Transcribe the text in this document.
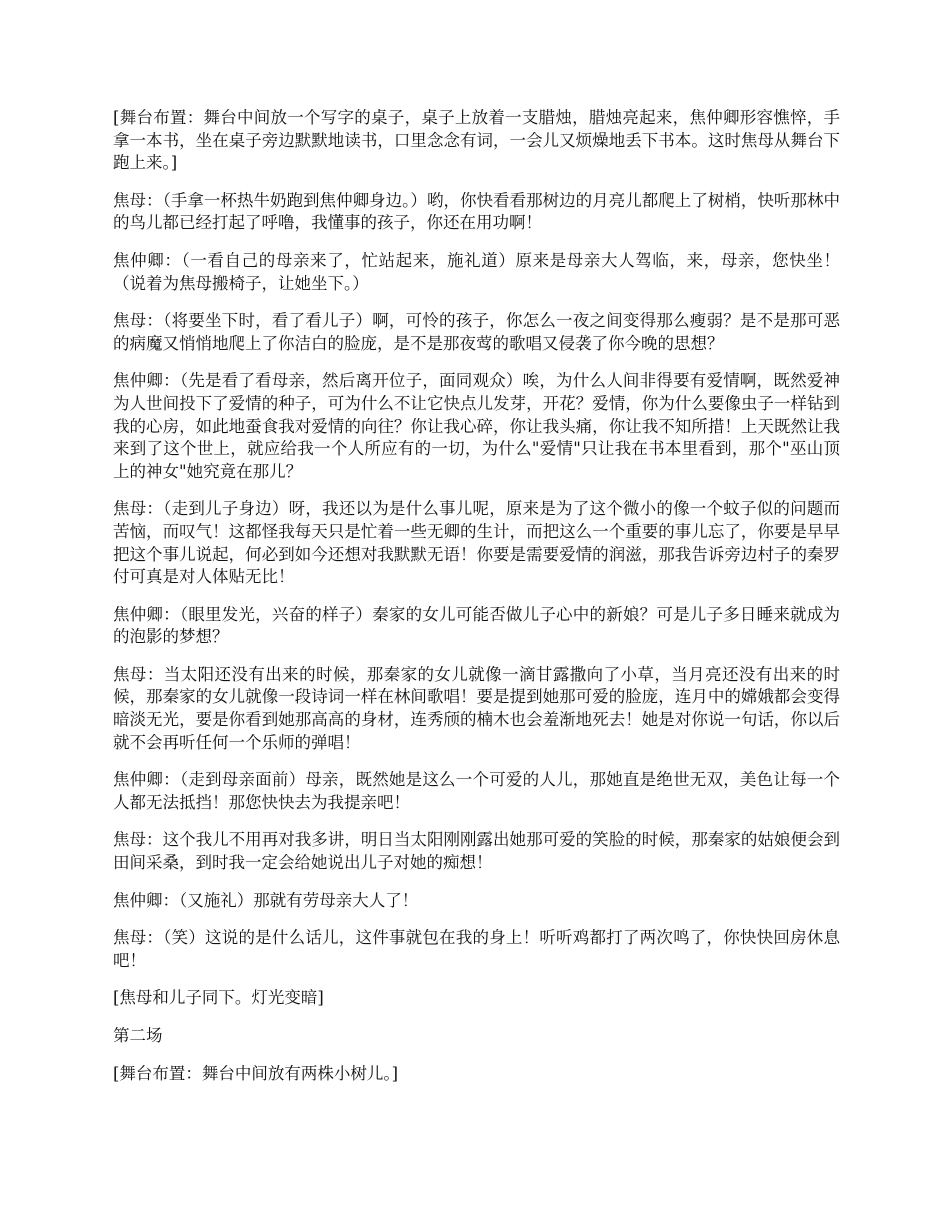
[舞台布置：舞台中间放一个写字的桌子，桌子上放着一支腊烛，腊烛亮起来，焦仲卿形容憔悴，手拿一本书，坐在桌子旁边默默地读书，口里念念有词，一会儿又烦燥地丢下书本。这时焦母从舞台下跑上来。]

焦母：（手拿一杯热牛奶跑到焦仲卿身边。）哟，你快看看那树边的月亮儿都爬上了树梢，快听那林中的鸟儿都已经打起了呼噜，我懂事的孩子，你还在用功啊！

焦仲卿：（一看自己的母亲来了，忙站起来，施礼道）原来是母亲大人驾临，来，母亲，您快坐！（说着为焦母搬椅子，让她坐下。）

焦母：（将要坐下时，看了看儿子）啊，可怜的孩子，你怎么一夜之间变得那么瘦弱？是不是那可恶的病魔又悄悄地爬上了你洁白的脸庞，是不是那夜莺的歌唱又侵袭了你今晚的思想？

焦仲卿：（先是看了看母亲，然后离开位子，面同观众）唉，为什么人间非得要有爱情啊，既然爱神为人世间投下了爱情的种子，可为什么不让它快点儿发芽，开花？爱情，你为什么要像虫子一样钻到我的心房，如此地蚕食我对爱情的向往？你让我心碎，你让我头痛，你让我不知所措！上天既然让我来到了这个世上，就应给我一个人所应有的一切，为什么"爱情"只让我在书本里看到，那个"巫山顶上的神女"她究竟在那儿？

焦母：（走到儿子身边）呀，我还以为是什么事儿呢，原来是为了这个微小的像一个蚊子似的问题而苦恼，而叹气！这都怪我每天只是忙着一些无卿的生计，而把这么一个重要的事儿忘了，你要是早早把这个事儿说起，何必到如今还想对我默默无语！你要是需要爱情的润滋，那我告诉旁边村子的秦罗付可真是对人体贴无比！

焦仲卿：（眼里发光，兴奋的样子）秦家的女儿可能否做儿子心中的新娘？可是儿子多日睡来就成为的泡影的梦想？

焦母：当太阳还没有出来的时候，那秦家的女儿就像一滴甘露撒向了小草，当月亮还没有出来的时候，那秦家的女儿就像一段诗词一样在林间歌唱！要是提到她那可爱的脸庞，连月中的嫦娥都会变得暗淡无光，要是你看到她那高高的身材，连秀颀的楠木也会羞渐地死去！她是对你说一句话，你以后就不会再听任何一个乐师的弹唱！

焦仲卿：（走到母亲面前）母亲，既然她是这么一个可爱的人儿，那她直是绝世无双，美色让每一个人都无法抵挡！那您快快去为我提亲吧！

焦母：这个我儿不用再对我多讲，明日当太阳刚刚露出她那可爱的笑脸的时候，那秦家的姑娘便会到田间采桑，到时我一定会给她说出儿子对她的痴想！

焦仲卿：（又施礼）那就有劳母亲大人了！

焦母：（笑）这说的是什么话儿，这件事就包在我的身上！听听鸡都打了两次鸣了，你快快回房休息吧！

[焦母和儿子同下。灯光变暗]

第二场

[舞台布置：舞台中间放有两株小树儿。]
